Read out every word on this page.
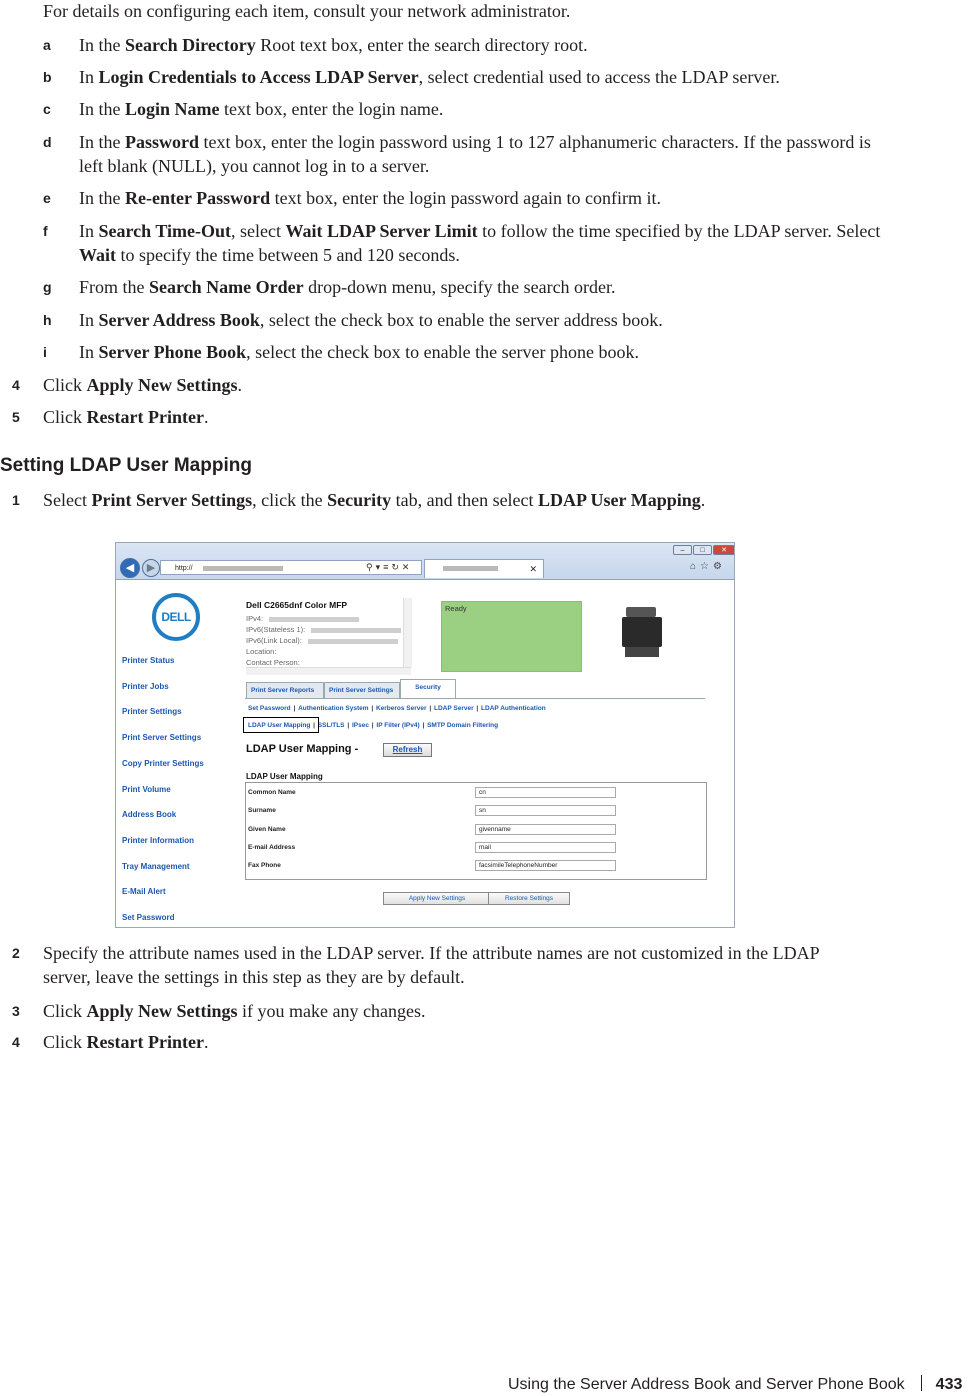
For details on configuring each item, consult your network administrator.
a In the Search Directory Root text box, enter the search directory root.
b In Login Credentials to Access LDAP Server, select credential used to access the LDAP server.
c In the Login Name text box, enter the login name.
d In the Password text box, enter the login password using 1 to 127 alphanumeric characters. If the password is
left blank (NULL), you cannot log in to a server.
e In the Re-enter Password text box, enter the login password again to confirm it.
f In Search Time-Out, select Wait LDAP Server Limit to follow the time specified by the LDAP server. Select
Wait to specify the time between 5 and 120 seconds.
g From the Search Name Order drop-down menu, specify the search order.
h In Server Address Book, select the check box to enable the server address book.
i In Server Phone Book, select the check box to enable the server phone book.
4 Click Apply New Settings.
5 Click Restart Printer.
Setting LDAP User Mapping
1 Select Print Server Settings, click the Security tab, and then select LDAP User Mapping.
◀	▶	http://	⚲▾≡↻✕	✕
– □ ✕
⌂☆⚙
DELL
Printer Status
Printer Jobs
Printer Settings
Print Server Settings
Copy Printer Settings
Print Volume
Address Book
Printer Information
Tray Management
E-Mail Alert
Set Password
Dell C2665dnf Color MFP
IPv4:
IPv6(Stateless 1):
IPv6(Link Local):
Location:
Contact Person:
Ready
Print Server Reports	Print Server Settings	Security
Set Password | Authentication System | Kerberos Server | LDAP Server | LDAP Authentication
LDAP User Mapping | SSL/TLS | IPsec | IP Filter (IPv4) | SMTP Domain Filtering
LDAP User Mapping -	Refresh
LDAP User Mapping
Common Name	cn
Surname	sn
Given Name	givenname
E-mail Address	mail
Fax Phone	facsimileTelephoneNumber
Apply New Settings	Restore Settings
2 Specify the attribute names used in the LDAP server. If the attribute names are not customized in the LDAP
server, leave the settings in this step as they are by default.
3 Click Apply New Settings if you make any changes.
4 Click Restart Printer.
Using the Server Address Book and Server Phone Book 433
